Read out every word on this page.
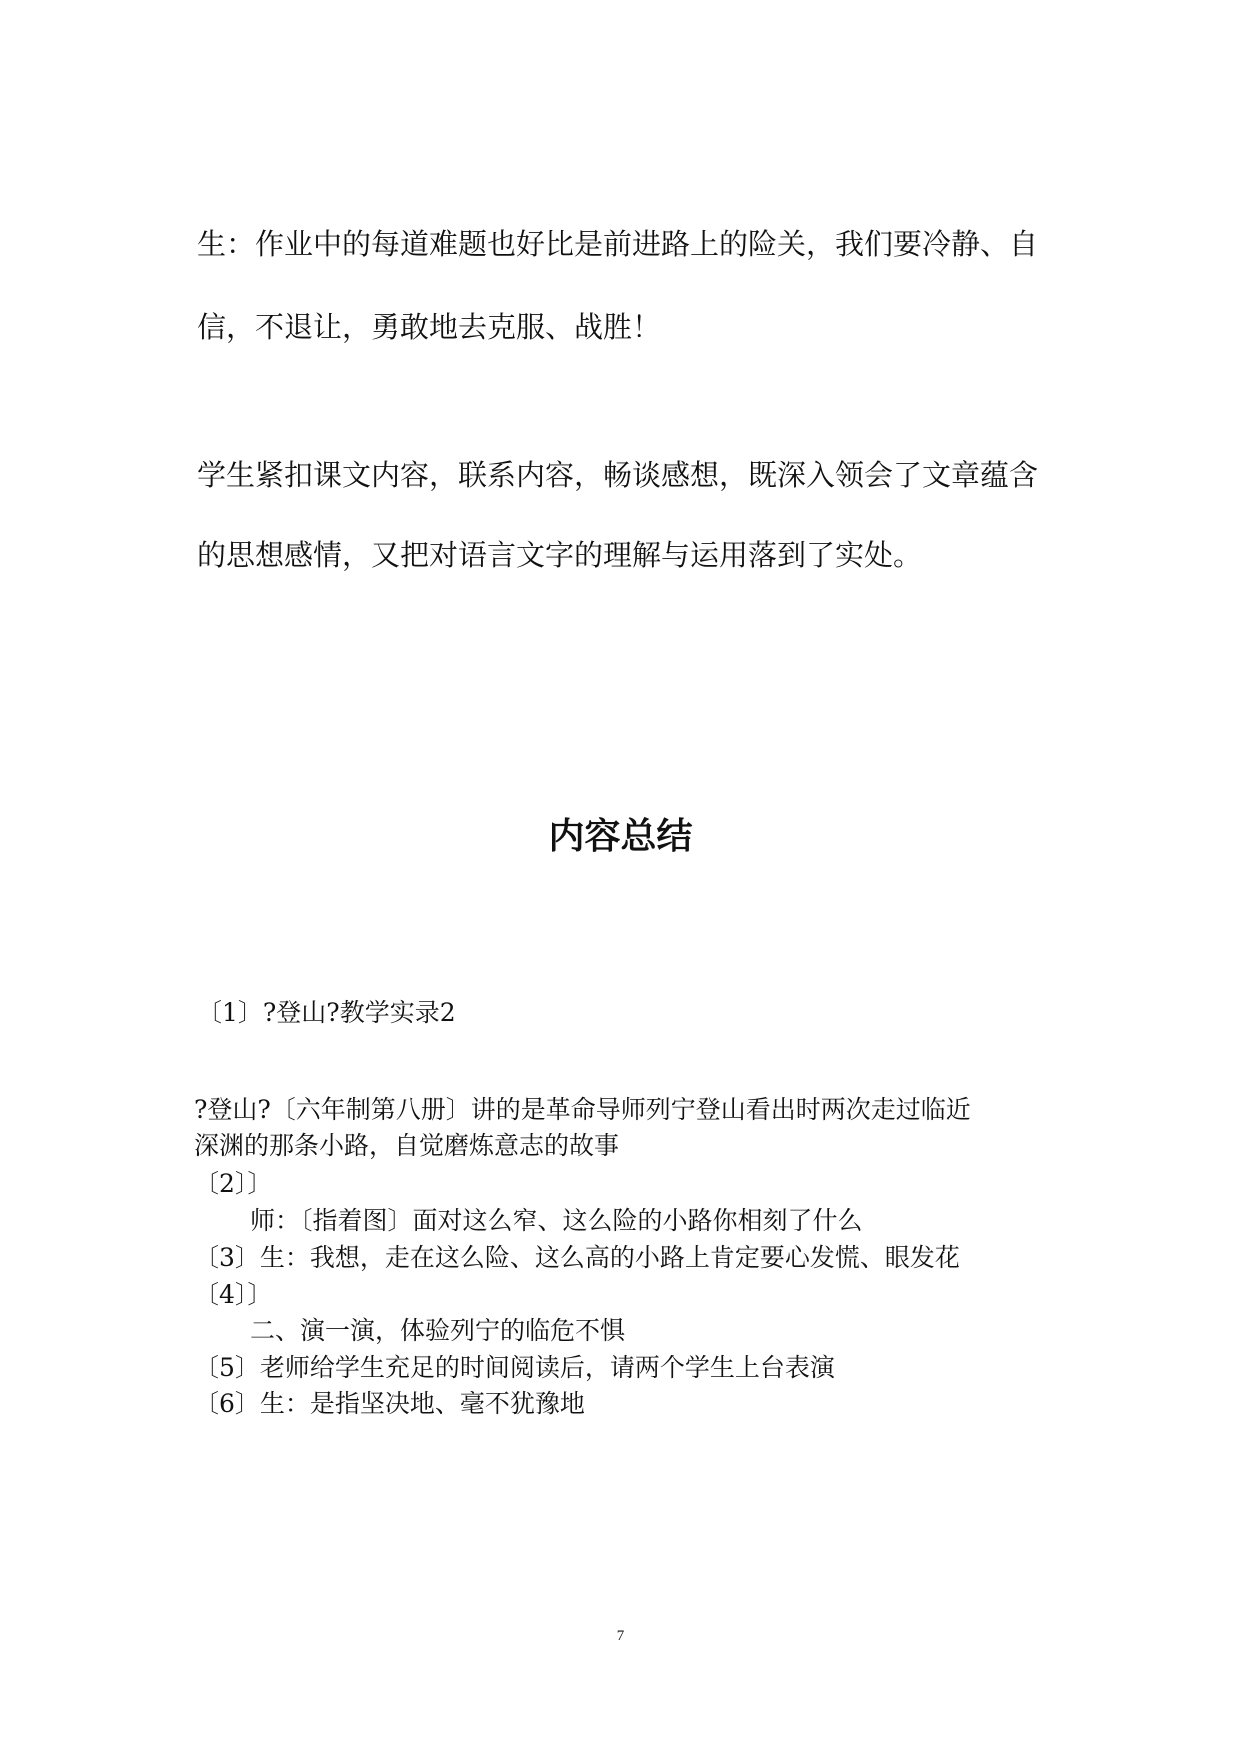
生：作业中的每道难题也好比是前进路上的险关，我们要冷静、自

信，不退让，勇敢地去克服、战胜！

学生紧扣课文内容，联系内容，畅谈感想，既深入领会了文章蕴含

的思想感情，又把对语言文字的理解与运用落到了实处。

内容总结

〔1〕?登山?教学实录2

?登山?〔六年制第八册〕讲的是革命导师列宁登山看出时两次走过临近

深渊的那条小路，自觉磨炼意志的故事

〔2〕〕

师：〔指着图〕面对这么窄、这么险的小路你相刻了什么

〔3〕生：我想，走在这么险、这么高的小路上肯定要心发慌、眼发花

〔4〕〕

二、演一演，体验列宁的临危不惧

〔5〕老师给学生充足的时间阅读后，请两个学生上台表演

〔6〕生：是指坚决地、毫不犹豫地

7
